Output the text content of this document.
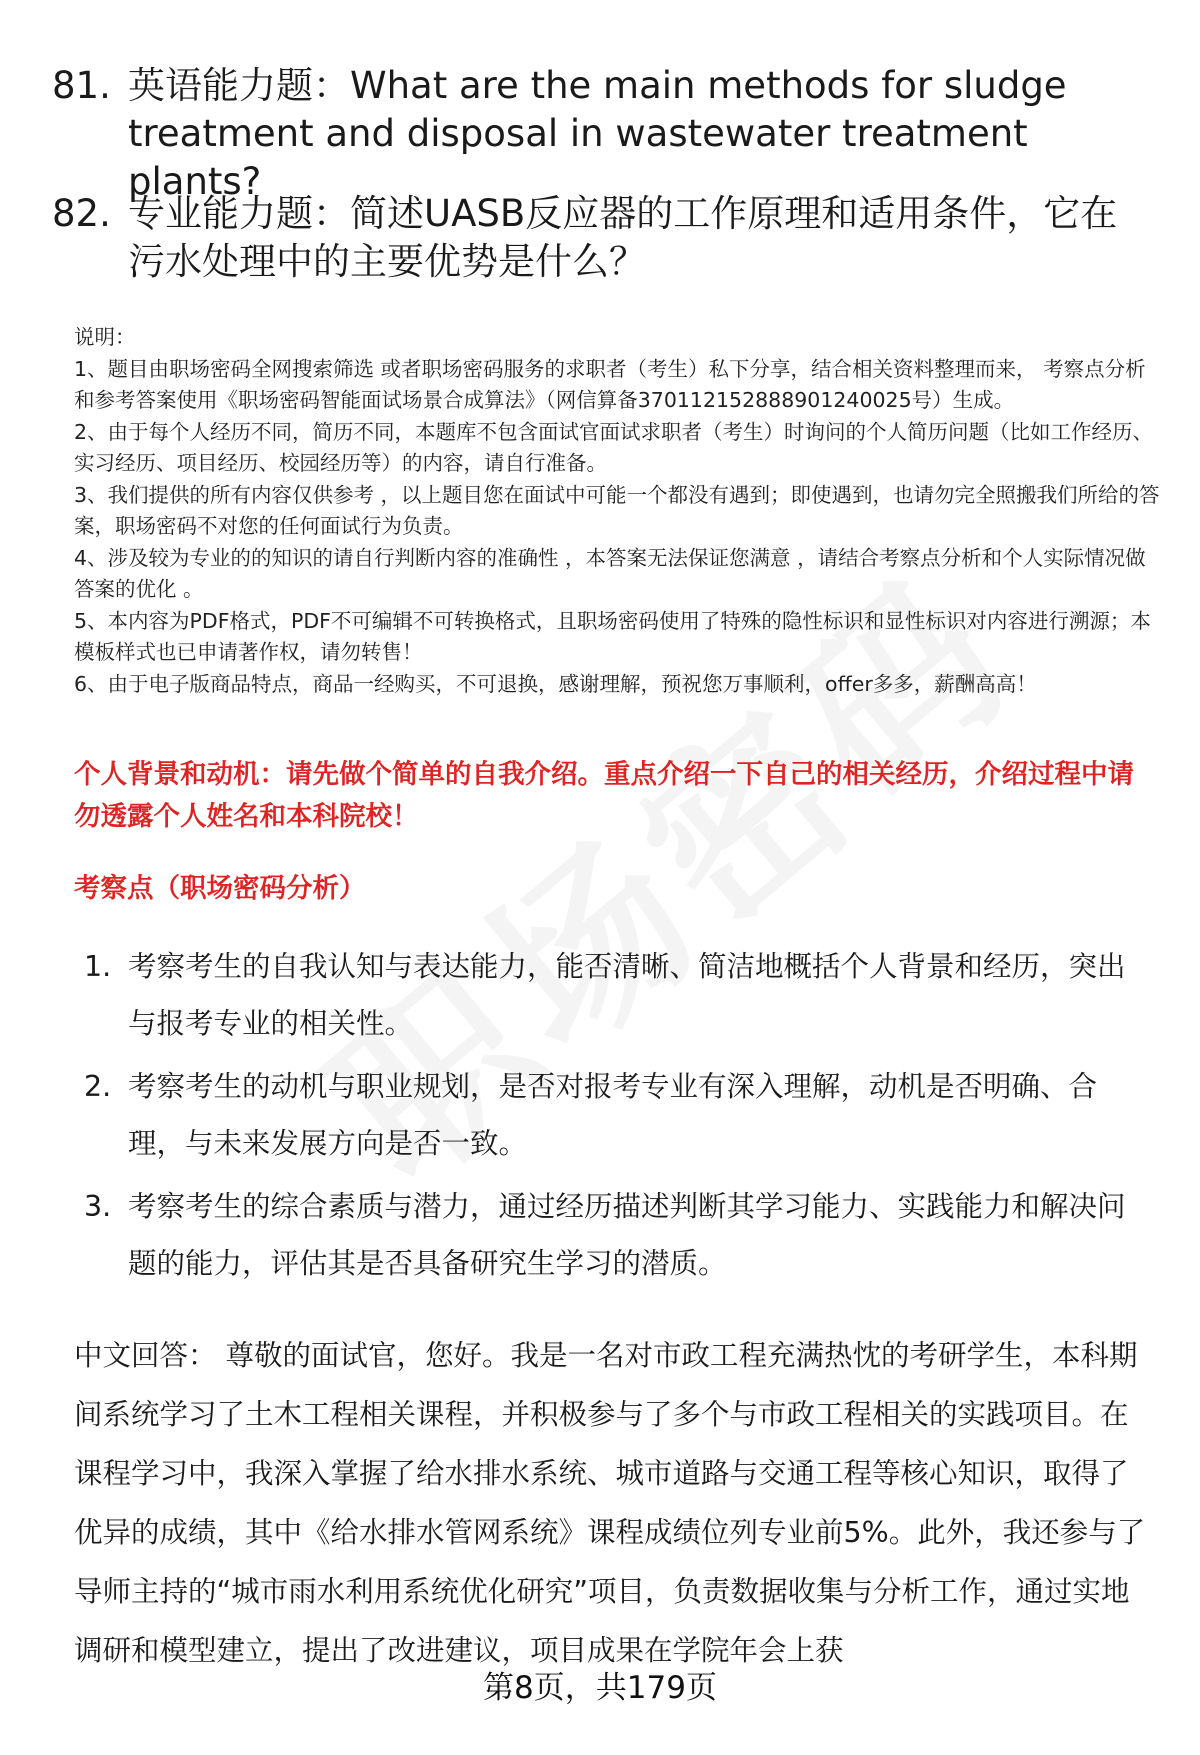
81. 英语能力题：What are the main methods for sludge treatment and disposal in wastewater treatment plants?
82. 专业能力题：简述UASB反应器的工作原理和适用条件，它在污水处理中的主要优势是什么？

说明：

1、题目由职场密码全网搜索筛选 或者职场密码服务的求职者（考生）私下分享，结合相关资料整理而来， 考察点分析和参考答案使用《职场密码智能面试场景合成算法》（网信算备370112152888901240025号）生成。

2、由于每个人经历不同，简历不同，本题库不包含面试官面试求职者（考生）时询问的个人简历问题（比如工作经历、实习经历、项目经历、校园经历等）的内容，请自行准备。

3、我们提供的所有内容仅供参考 ，以上题目您在面试中可能一个都没有遇到；即使遇到，也请勿完全照搬我们所给的答案，职场密码不对您的任何面试行为负责。

4、涉及较为专业的的知识的请自行判断内容的准确性 ，本答案无法保证您满意 ，请结合考察点分析和个人实际情况做答案的优化 。

5、本内容为PDF格式，PDF不可编辑不可转换格式，且职场密码使用了特殊的隐性标识和显性标识对内容进行溯源；本模板样式也已申请著作权，请勿转售！

6、由于电子版商品特点，商品一经购买，不可退换，感谢理解，预祝您万事顺利，offer多多，薪酬高高！

个人背景和动机：请先做个简单的自我介绍。重点介绍一下自己的相关经历，介绍过程中请勿透露个人姓名和本科院校！
考察点（职场密码分析）
1. 考察考生的自我认知与表达能力，能否清晰、简洁地概括个人背景和经历，突出与报考专业的相关性。
2. 考察考生的动机与职业规划，是否对报考专业有深入理解，动机是否明确、合理，与未来发展方向是否一致。
3. 考察考生的综合素质与潜力，通过经历描述判断其学习能力、实践能力和解决问题的能力，评估其是否具备研究生学习的潜质。

中文回答： 尊敬的面试官，您好。我是一名对市政工程充满热忱的考研学生，本科期间系统学习了土木工程相关课程，并积极参与了多个与市政工程相关的实践项目。在课程学习中，我深入掌握了给水排水系统、城市道路与交通工程等核心知识，取得了优异的成绩，其中《给水排水管网系统》课程成绩位列专业前5%。此外，我还参与了导师主持的“城市雨水利用系统优化研究”项目，负责数据收集与分析工作，通过实地调研和模型建立，提出了改进建议，项目成果在学院年会上获

第8页，共179页
